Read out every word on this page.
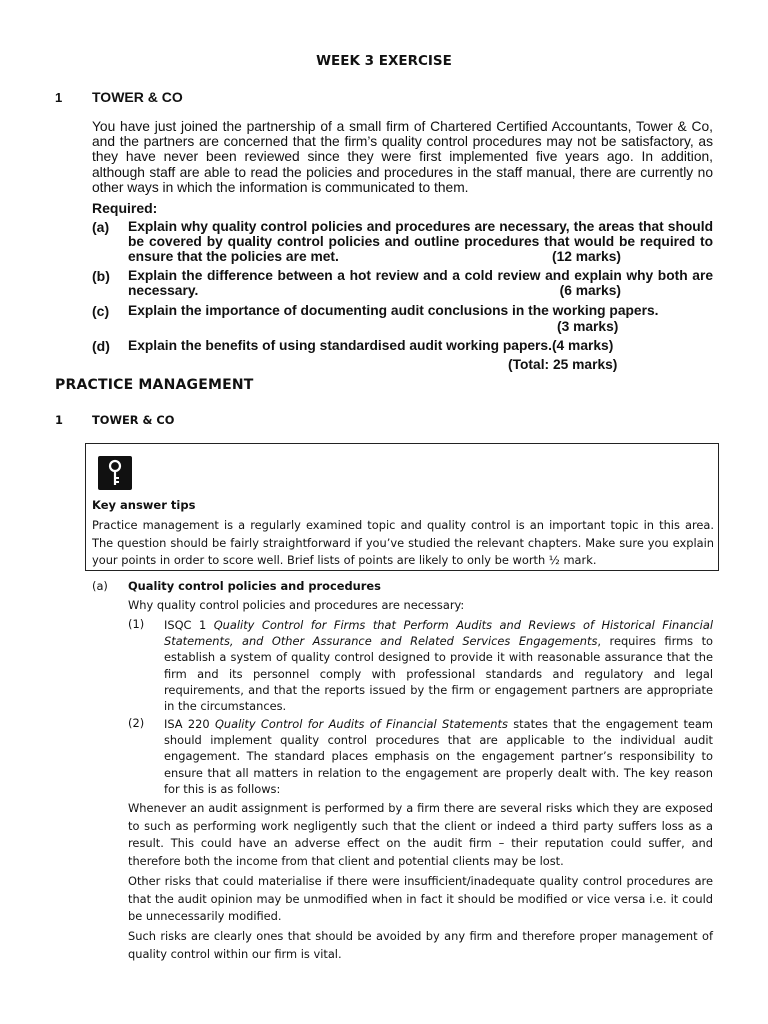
WEEK 3 EXERCISE
1 TOWER & CO
You have just joined the partnership of a small firm of Chartered Certified Accountants, Tower & Co, and the partners are concerned that the firm’s quality control procedures may not be satisfactory, as they have never been reviewed since they were first implemented five years ago. In addition, although staff are able to read the policies and procedures in the staff manual, there are currently no other ways in which the information is communicated to them.
Required:
(a) Explain why quality control policies and procedures are necessary, the areas that should be covered by quality control policies and outline procedures that would be required to ensure that the policies are met.	(12 marks)
(b) Explain the difference between a hot review and a cold review and explain why both are necessary.	(6 marks)
(c) Explain the importance of documenting audit conclusions in the working papers.
(3 marks)
(d) Explain the benefits of using standardised audit working papers.(4 marks)
(Total: 25 marks)
PRACTICE MANAGEMENT
1	TOWER & CO
Key answer tips
Practice management is a regularly examined topic and quality control is an important topic in this area. The question should be fairly straightforward if you’ve studied the relevant chapters. Make sure you explain your points in order to score well. Brief lists of points are likely to only be worth ½ mark.
(a) Quality control policies and procedures
Why quality control policies and procedures are necessary:
(1) ISQC 1 Quality Control for Firms that Perform Audits and Reviews of Historical Financial Statements, and Other Assurance and Related Services Engagements, requires firms to establish a system of quality control designed to provide it with reasonable assurance that the firm and its personnel comply with professional standards and regulatory and legal requirements, and that the reports issued by the firm or engagement partners are appropriate in the circumstances.
(2) ISA 220 Quality Control for Audits of Financial Statements states that the engagement team should implement quality control procedures that are applicable to the individual audit engagement. The standard places emphasis on the engagement partner’s responsibility to ensure that all matters in relation to the engagement are properly dealt with. The key reason for this is as follows:
Whenever an audit assignment is performed by a firm there are several risks which they are exposed to such as performing work negligently such that the client or indeed a third party suffers loss as a result. This could have an adverse effect on the audit firm – their reputation could suffer, and therefore both the income from that client and potential clients may be lost.
Other risks that could materialise if there were insufficient/inadequate quality control procedures are that the audit opinion may be unmodified when in fact it should be modified or vice versa i.e. it could be unnecessarily modified.
Such risks are clearly ones that should be avoided by any firm and therefore proper management of quality control within our firm is vital.
